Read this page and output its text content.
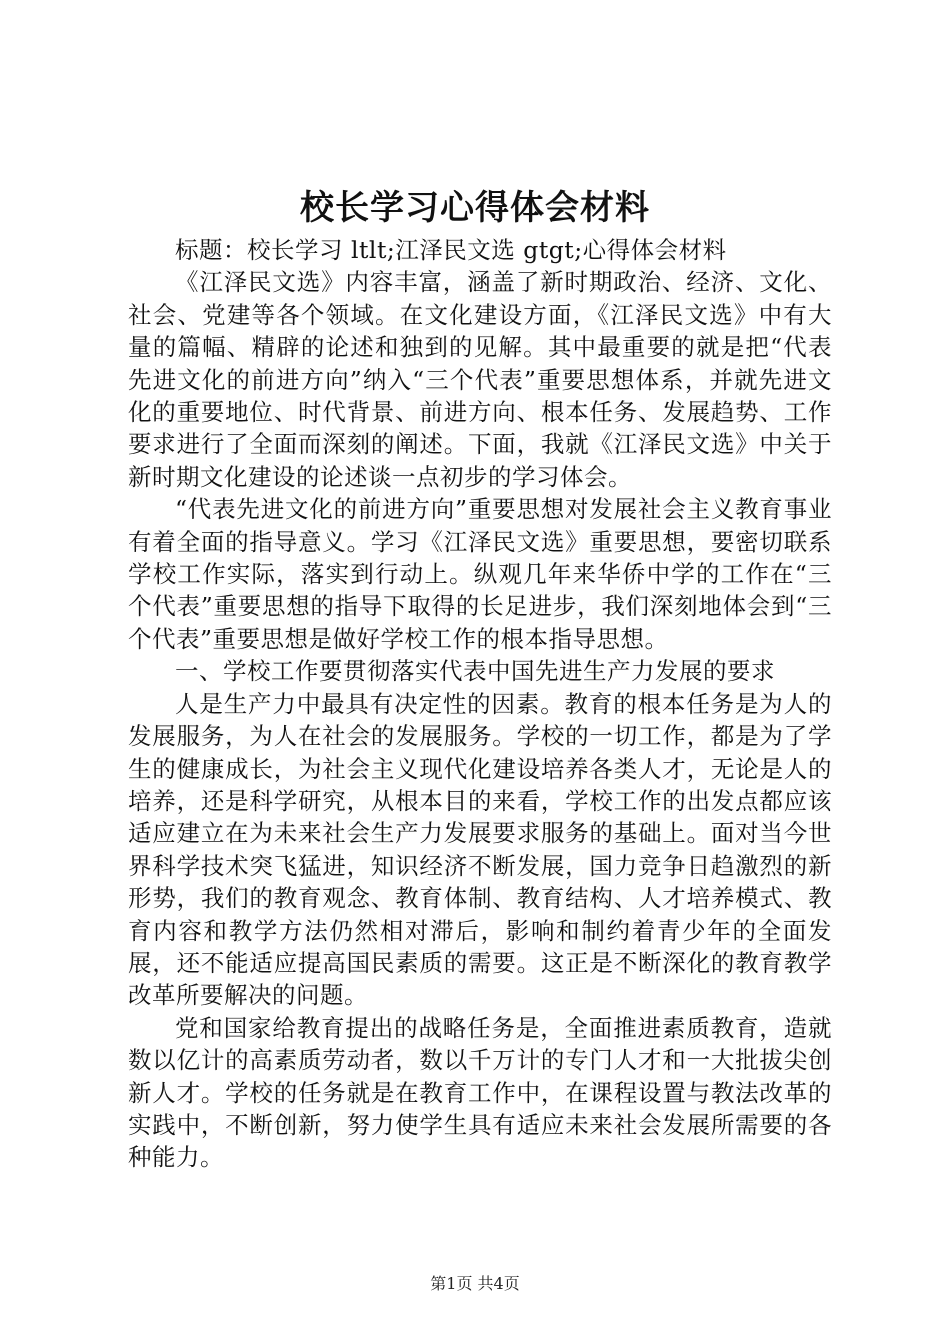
校长学习心得体会材料

标题：校长学习 ltlt;江泽民文选 gtgt;心得体会材料

《江泽民文选》内容丰富，涵盖了新时期政治、经济、文化、社会、党建等各个领域。在文化建设方面，《江泽民文选》中有大量的篇幅、精辟的论述和独到的见解。其中最重要的就是把“代表先进文化的前进方向”纳入“三个代表”重要思想体系，并就先进文化的重要地位、时代背景、前进方向、根本任务、发展趋势、工作要求进行了全面而深刻的阐述。下面，我就《江泽民文选》中关于新时期文化建设的论述谈一点初步的学习体会。

“代表先进文化的前进方向”重要思想对发展社会主义教育事业有着全面的指导意义。学习《江泽民文选》重要思想，要密切联系学校工作实际，落实到行动上。纵观几年来华侨中学的工作在“三个代表”重要思想的指导下取得的长足进步，我们深刻地体会到“三个代表”重要思想是做好学校工作的根本指导思想。

一、学校工作要贯彻落实代表中国先进生产力发展的要求

人是生产力中最具有决定性的因素。教育的根本任务是为人的发展服务，为人在社会的发展服务。学校的一切工作，都是为了学生的健康成长，为社会主义现代化建设培养各类人才，无论是人的培养，还是科学研究，从根本目的来看，学校工作的出发点都应该适应建立在为未来社会生产力发展要求服务的基础上。面对当今世界科学技术突飞猛进，知识经济不断发展，国力竞争日趋激烈的新形势，我们的教育观念、教育体制、教育结构、人才培养模式、教育内容和教学方法仍然相对滞后，影响和制约着青少年的全面发展，还不能适应提高国民素质的需要。这正是不断深化的教育教学改革所要解决的问题。

党和国家给教育提出的战略任务是，全面推进素质教育，造就数以亿计的高素质劳动者，数以千万计的专门人才和一大批拔尖创新人才。学校的任务就是在教育工作中，在课程设置与教法改革的实践中，不断创新，努力使学生具有适应未来社会发展所需要的各种能力。

第1页 共4页
